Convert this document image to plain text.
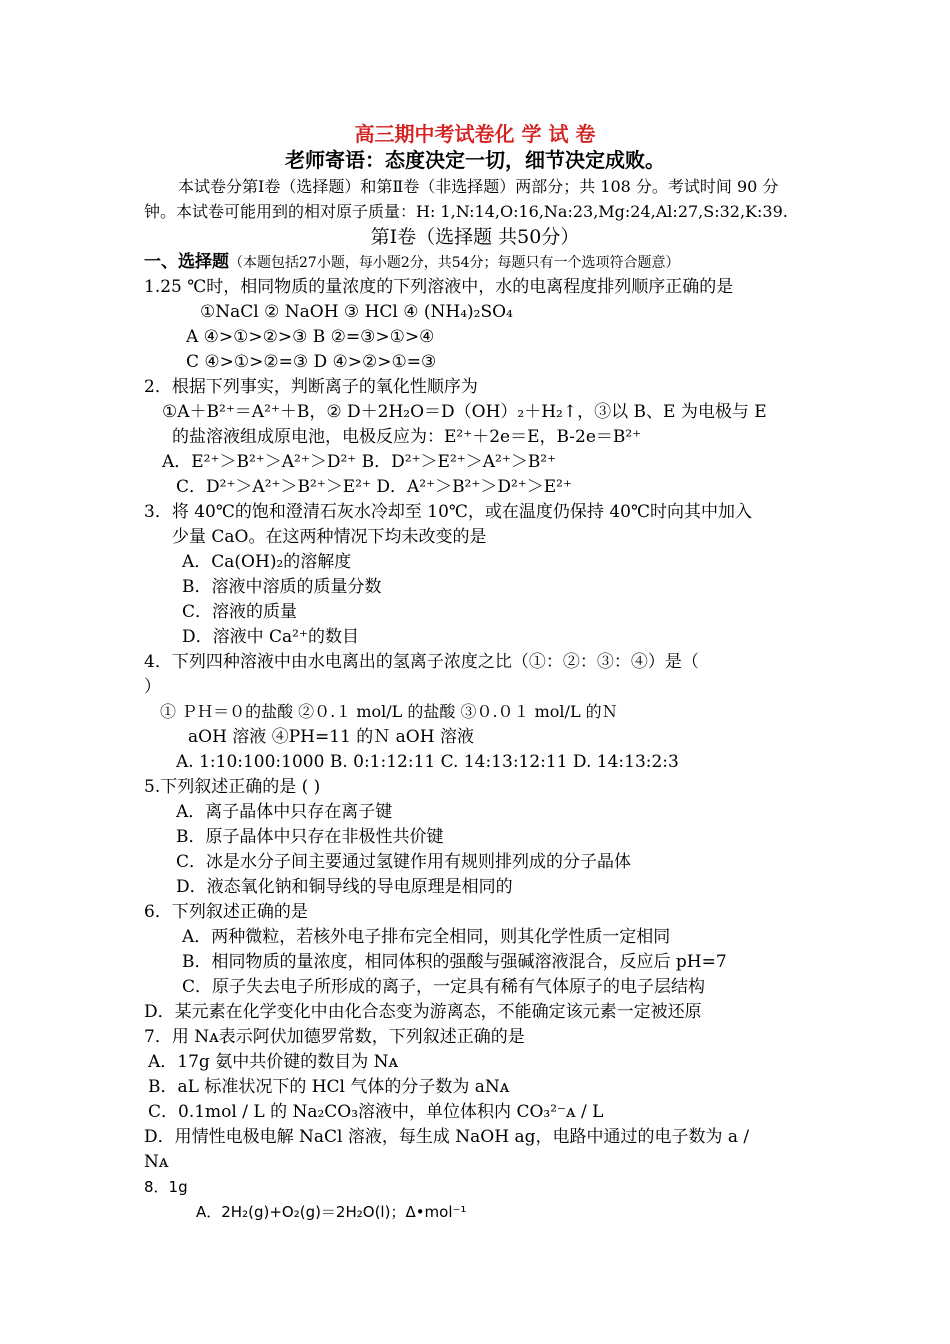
高三期中考试卷化 学 试 卷
老师寄语：态度决定一切，细节决定成败。
本试卷分第Ⅰ卷（选择题）和第Ⅱ卷（非选择题）两部分；共 108 分。考试时间 90 分
钟。本试卷可能用到的相对原子质量：H: 1,N:14,O:16,Na:23,Mg:24,Al:27,S:32,K:39.
第Ⅰ卷（选择题 共50分）
一、选择题（本题包括27小题，每小题2分，共54分；每题只有一个选项符合题意）
1.25 ℃时，相同物质的量浓度的下列溶液中，水的电离程度排列顺序正确的是
①NaCl ② NaOH ③ HCl ④ (NH₄)₂SO₄
A ④>①>②>③ B ②=③>①>④
C ④>①>②=③ D ④>②>①=③
2．根据下列事实，判断离子的氧化性顺序为
①A＋B²⁺＝A²⁺＋B，② D＋2H₂O＝D（OH）₂＋H₂↑，③以 B、E 为电极与 E
的盐溶液组成原电池，电极反应为：E²⁺＋2e＝E，B-2e＝B²⁺
A．E²⁺＞B²⁺＞A²⁺＞D²⁺ B．D²⁺＞E²⁺＞A²⁺＞B²⁺
C．D²⁺＞A²⁺＞B²⁺＞E²⁺ D．A²⁺＞B²⁺＞D²⁺＞E²⁺
3．将 40℃的饱和澄清石灰水冷却至 10℃，或在温度仍保持 40℃时向其中加入
少量 CaO。在这两种情况下均未改变的是
A．Ca(OH)₂的溶解度
B．溶液中溶质的质量分数
C．溶液的质量
D．溶液中 Ca²⁺的数目
4．下列四种溶液中由水电离出的氢离子浓度之比（①：②：③：④）是（
）
① ＰＨ＝０的盐酸 ②０.１ mol/L 的盐酸 ③０.０１ mol/L 的Ｎ
aOH 溶液 ④PH=11 的Ｎ aOH 溶液
A. 1:10:100:1000 B. 0:1:12:11 C. 14:13:12:11 D. 14:13:2:3
5.下列叙述正确的是 ( )
A．离子晶体中只存在离子键
B．原子晶体中只存在非极性共价键
C．冰是水分子间主要通过氢键作用有规则排列成的分子晶体
D．液态氧化钠和铜导线的导电原理是相同的
6．下列叙述正确的是
A．两种微粒，若核外电子排布完全相同，则其化学性质一定相同
B．相同物质的量浓度，相同体积的强酸与强碱溶液混合，反应后 pH=7
C．原子失去电子所形成的离子，一定具有稀有气体原子的电子层结构
D．某元素在化学变化中由化合态变为游离态，不能确定该元素一定被还原
7．用 Nᴀ表示阿伏加德罗常数，下列叙述正确的是
A．17g 氨中共价键的数目为 Nᴀ
B．aL 标准状况下的 HCl 气体的分子数为 aNᴀ
C．0.1mol / L 的 Na₂CO₃溶液中，单位体积内 CO₃²⁻ᴀ / L
D．用情性电极电解 NaCl 溶液，每生成 NaOH ag，电路中通过的电子数为 a /
Nᴀ
8．1g
A．2H₂(g)+O₂(g)＝2H₂O(l)；Δ•mol⁻¹
